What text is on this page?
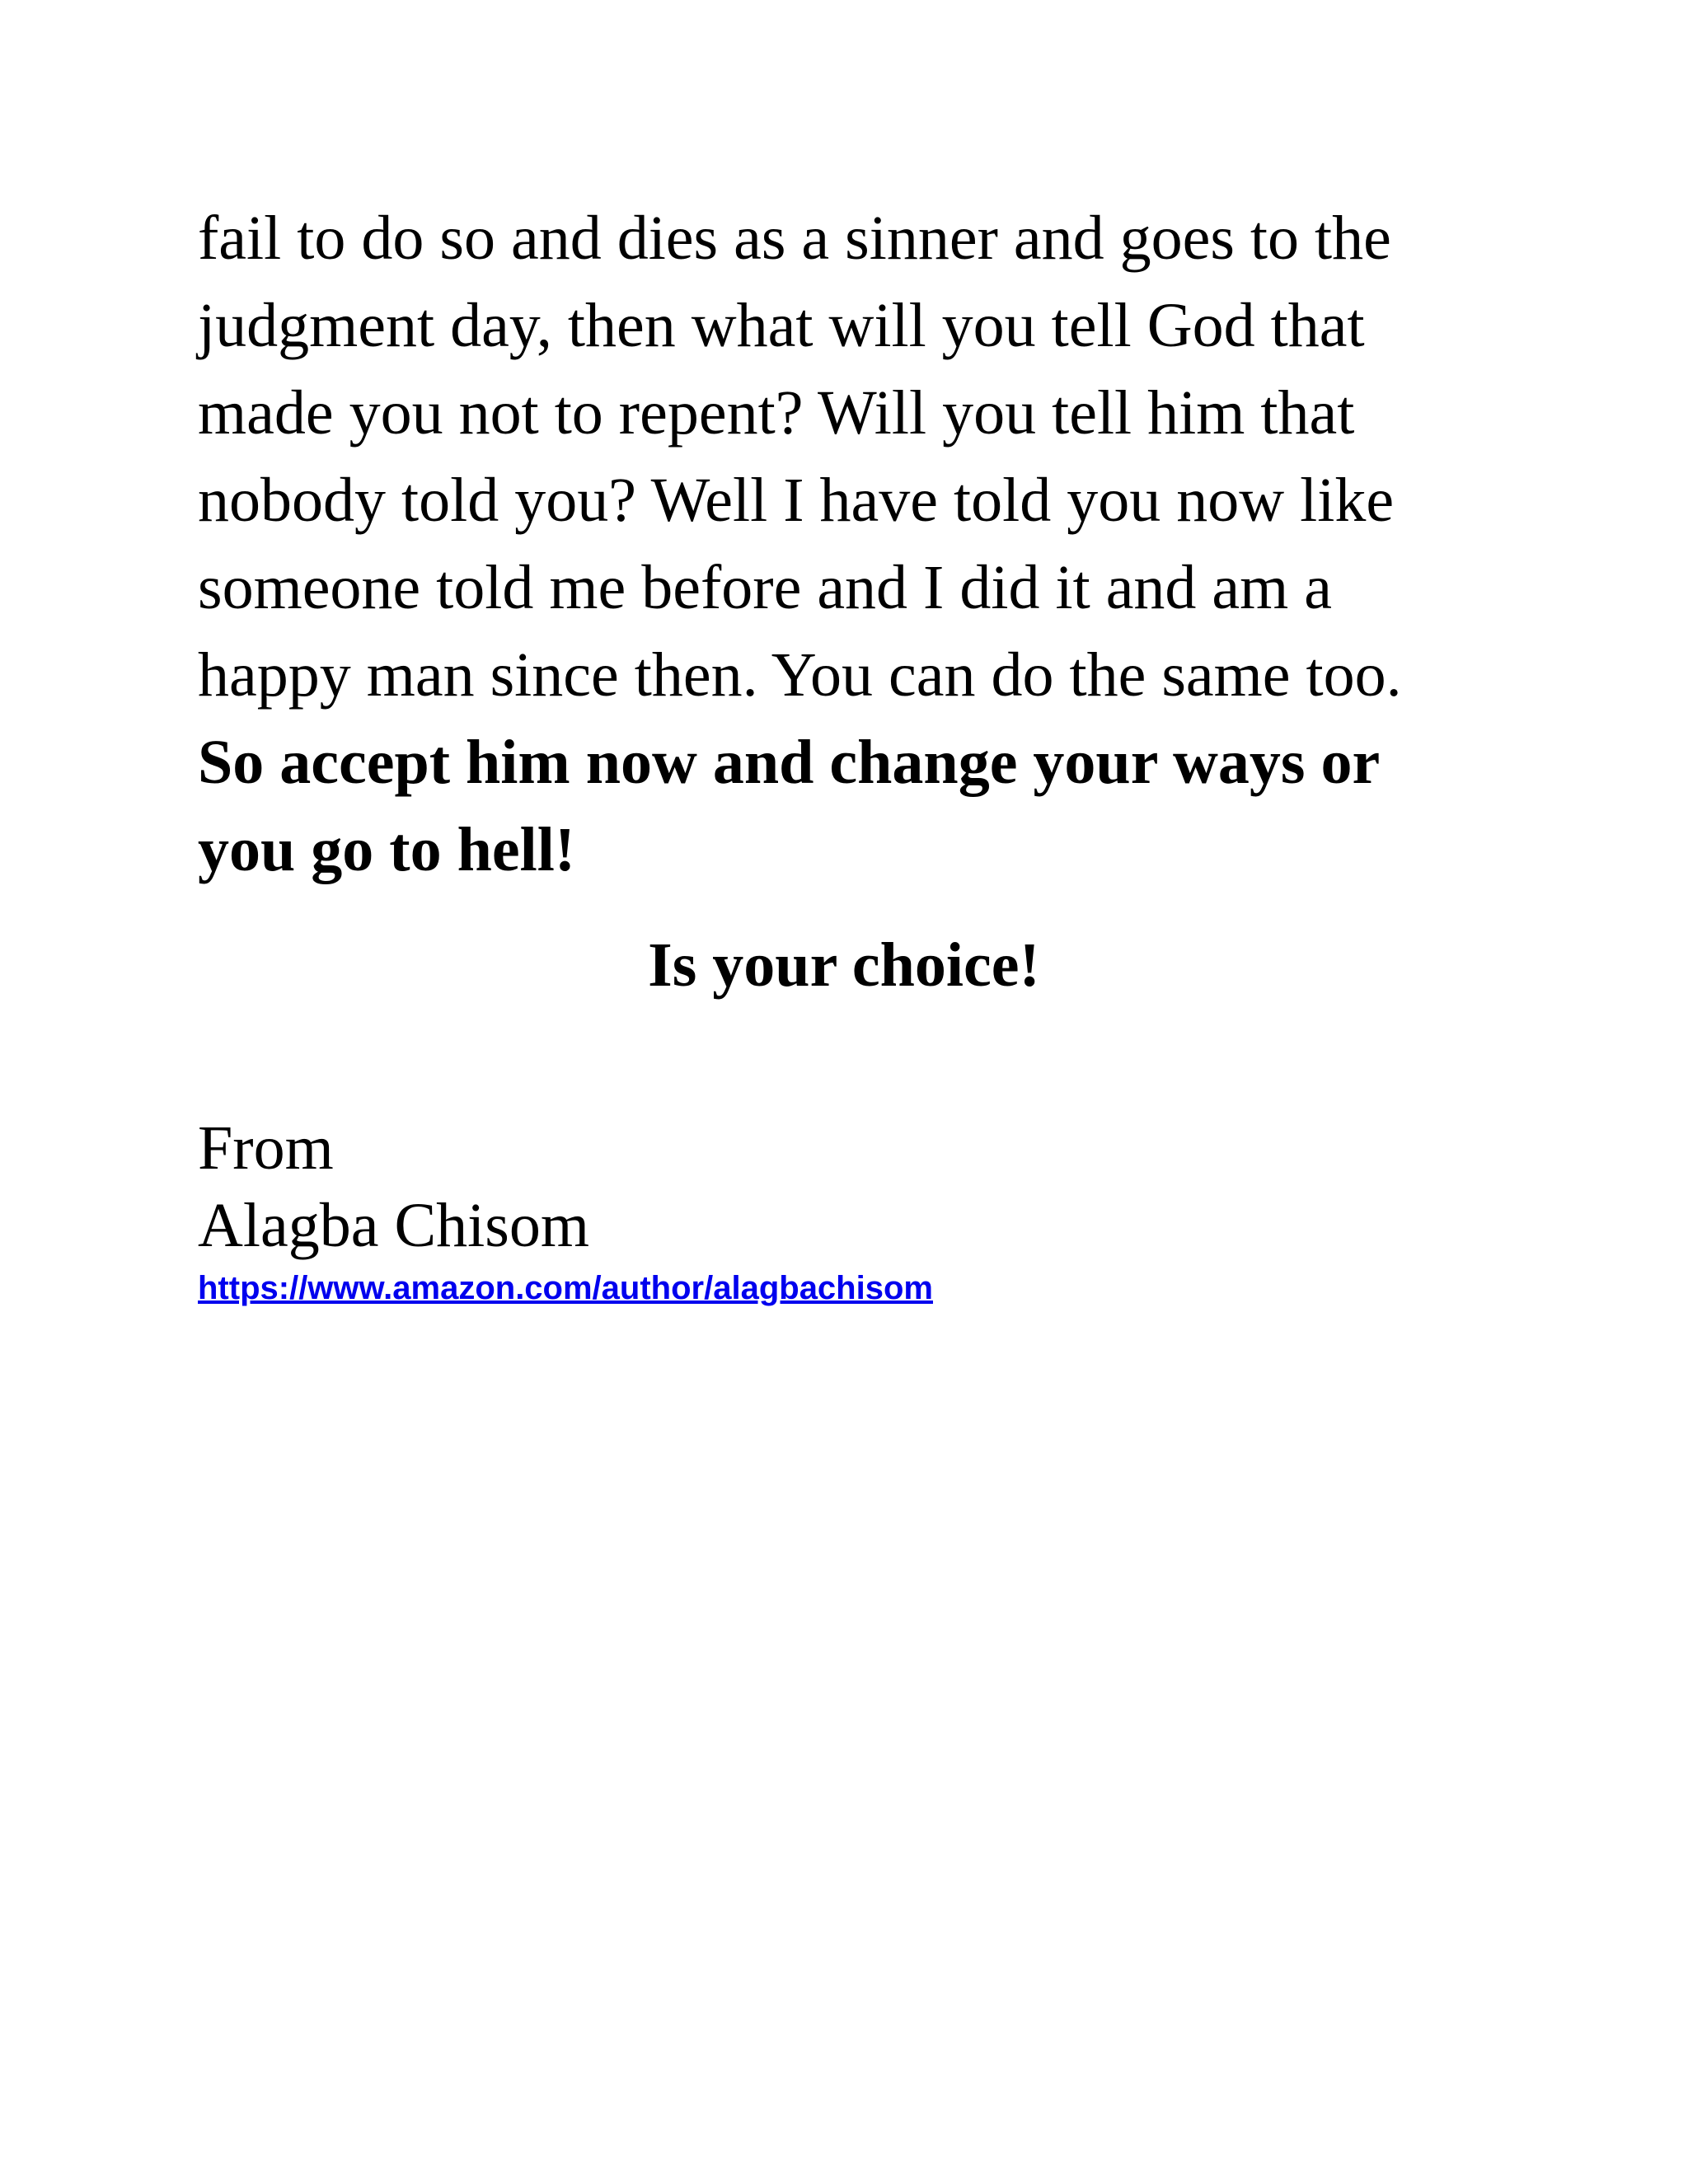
fail to do so and dies as a sinner and goes to the
judgment day, then what will you tell God that
made you not to repent? Will you tell him that
nobody told you? Well I have told you now like
someone told me before and I did it and am a
happy man since then. You can do the same too.
So accept him now and change your ways or
you go to hell!

Is your choice!

From
Alagba Chisom

https://www.amazon.com/author/alagbachisom
